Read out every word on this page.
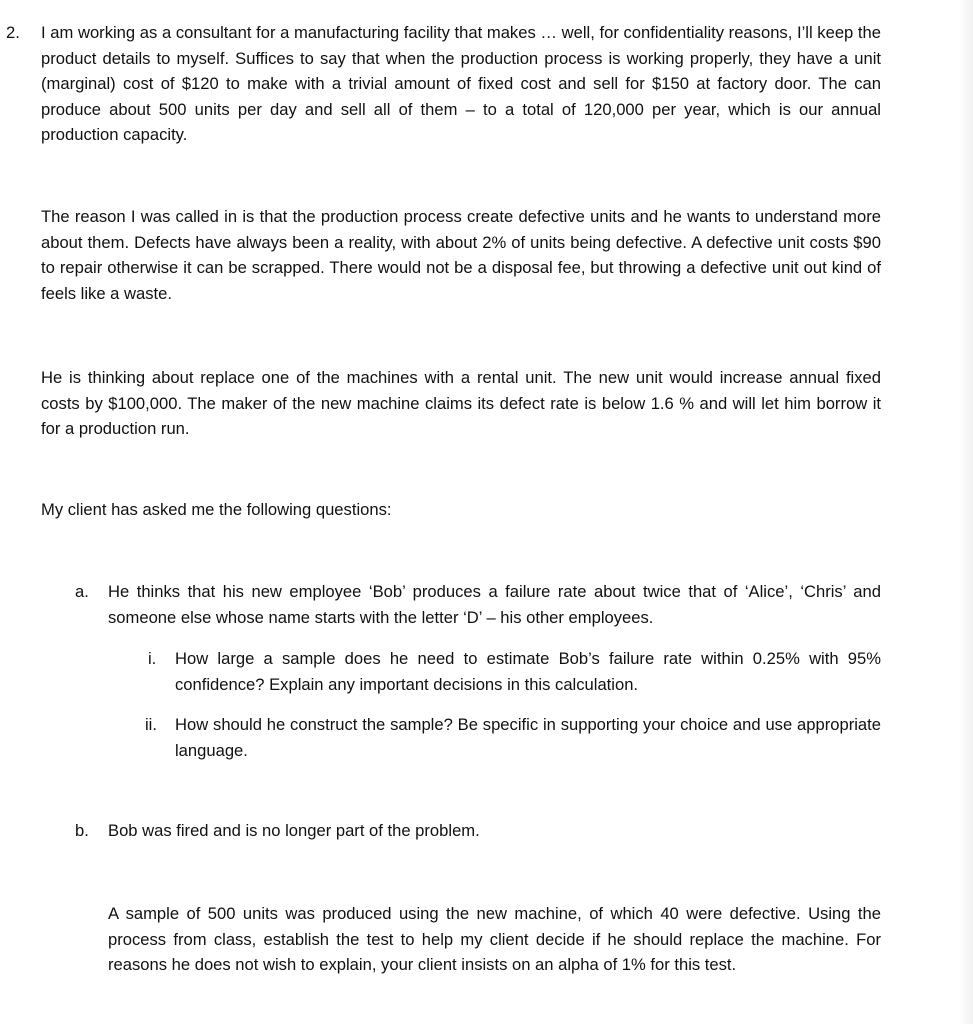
2. I am working as a consultant for a manufacturing facility that makes … well, for confidentiality reasons, I’ll keep the product details to myself. Suffices to say that when the production process is working properly, they have a unit (marginal) cost of $120 to make with a trivial amount of fixed cost and sell for $150 at factory door. The can produce about 500 units per day and sell all of them – to a total of 120,000 per year, which is our annual production capacity.

The reason I was called in is that the production process create defective units and he wants to understand more about them. Defects have always been a reality, with about 2% of units being defective. A defective unit costs $90 to repair otherwise it can be scrapped. There would not be a disposal fee, but throwing a defective unit out kind of feels like a waste.

He is thinking about replace one of the machines with a rental unit. The new unit would increase annual fixed costs by $100,000. The maker of the new machine claims its defect rate is below 1.6 % and will let him borrow it for a production run.

My client has asked me the following questions:

a. He thinks that his new employee ‘Bob’ produces a failure rate about twice that of ‘Alice’, ‘Chris’ and someone else whose name starts with the letter ‘D’ – his other employees.

i. How large a sample does he need to estimate Bob’s failure rate within 0.25% with 95% confidence? Explain any important decisions in this calculation.

ii. How should he construct the sample? Be specific in supporting your choice and use appropriate language.

b. Bob was fired and is no longer part of the problem.

A sample of 500 units was produced using the new machine, of which 40 were defective. Using the process from class, establish the test to help my client decide if he should replace the machine. For reasons he does not wish to explain, your client insists on an alpha of 1% for this test.
